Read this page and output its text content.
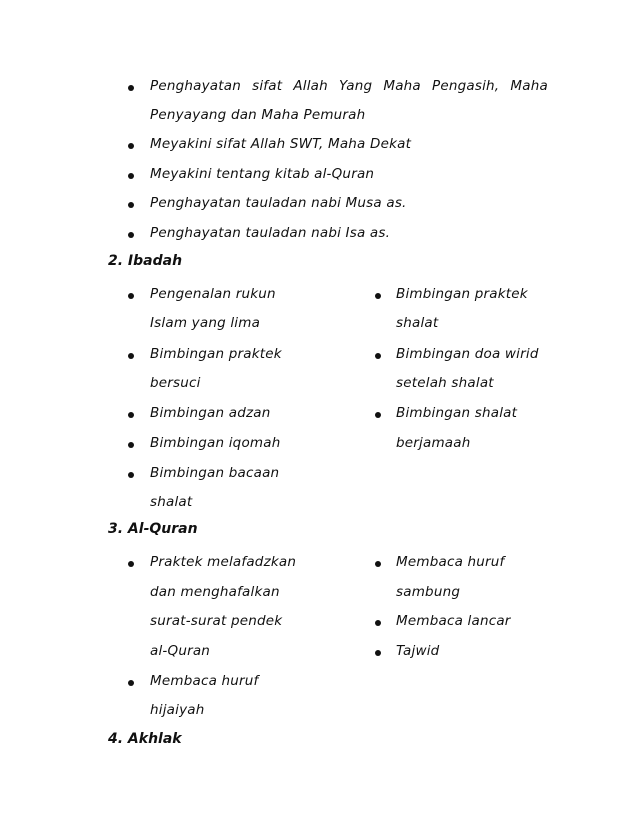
Penghayatan sifat Allah Yang Maha Pengasih, Maha
Penyayang dan Maha Pemurah
Meyakini sifat Allah SWT, Maha Dekat
Meyakini tentang kitab al-Quran
Penghayatan tauladan nabi Musa as.
Penghayatan tauladan nabi Isa as.
2. Ibadah
Pengenalan rukun
Islam yang lima
Bimbingan praktek
bersuci
Bimbingan adzan
Bimbingan iqomah
Bimbingan bacaan
shalat
Bimbingan praktek
shalat
Bimbingan doa wirid
setelah shalat
Bimbingan shalat
berjamaah
3. Al-Quran
Praktek melafadzkan
dan menghafalkan
surat-surat pendek
al-Quran
Membaca huruf
hijaiyah
Membaca huruf
sambung
Membaca lancar
Tajwid
4. Akhlak
